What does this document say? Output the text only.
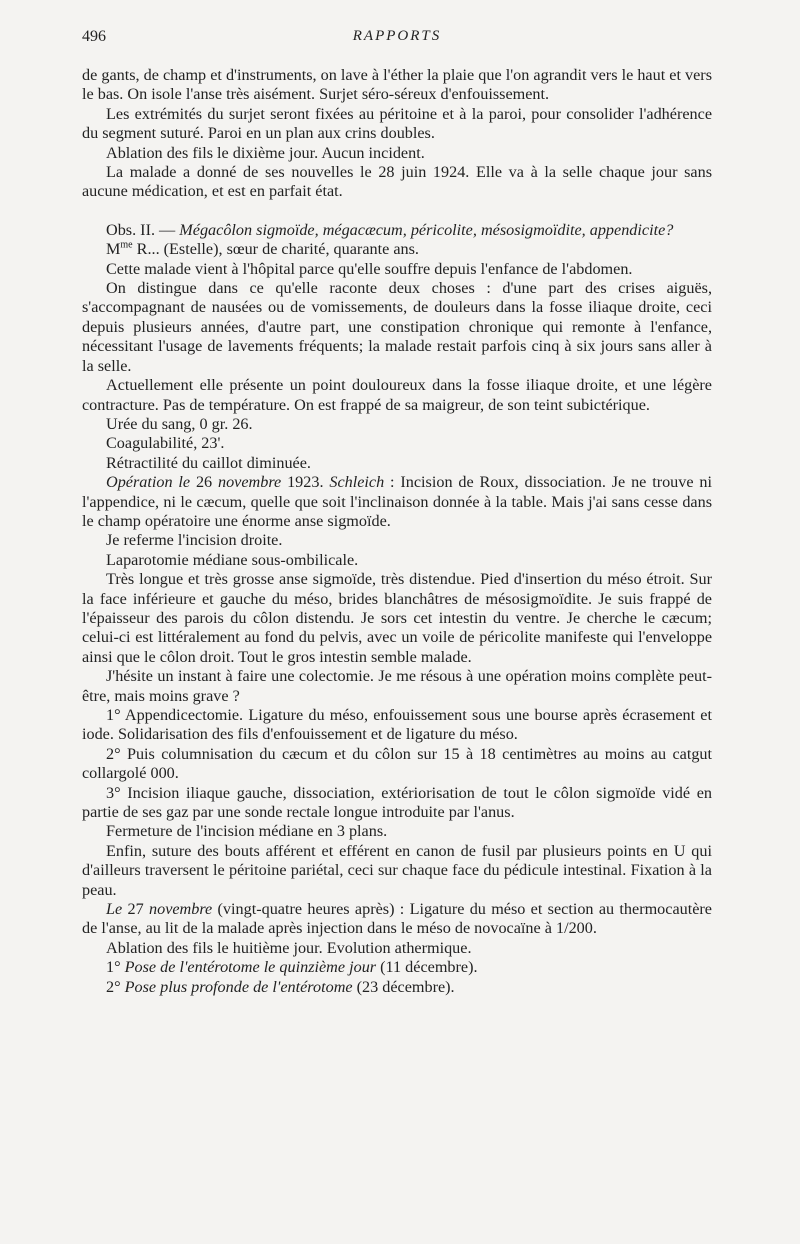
496	RAPPORTS

de gants, de champ et d'instruments, on lave à l'éther la plaie que l'on agrandit vers le haut et vers le bas. On isole l'anse très aisément. Surjet séro-séreux d'enfouissement.

Les extrémités du surjet seront fixées au péritoine et à la paroi, pour consolider l'adhérence du segment suturé. Paroi en un plan aux crins doubles.

Ablation des fils le dixième jour. Aucun incident.

La malade a donné de ses nouvelles le 28 juin 1924. Elle va à la selle chaque jour sans aucune médication, et est en parfait état.

Obs. II. — Mégacôlon sigmoïde, mégacæcum, péricolite, mésosigmoïdite, appendicite?

$M^{me}$ R... (Estelle), sœur de charité, quarante ans.

Cette malade vient à l'hôpital parce qu'elle souffre depuis l'enfance de l'abdomen.

On distingue dans ce qu'elle raconte deux choses : d'une part des crises aiguës, s'accompagnant de nausées ou de vomissements, de douleurs dans la fosse iliaque droite, ceci depuis plusieurs années, d'autre part, une constipation chronique qui remonte à l'enfance, nécessitant l'usage de lavements fréquents; la malade restait parfois cinq à six jours sans aller à la selle.

Actuellement elle présente un point douloureux dans la fosse iliaque droite, et une légère contracture. Pas de température. On est frappé de sa maigreur, de son teint subictérique.

Urée du sang, 0 gr. 26.

Coagulabilité, 23'.

Rétractilité du caillot diminuée.

Opération le 26 novembre 1923. Schleich : Incision de Roux, dissociation. Je ne trouve ni l'appendice, ni le cæcum, quelle que soit l'inclinaison donnée à la table. Mais j'ai sans cesse dans le champ opératoire une énorme anse sigmoïde.

Je referme l'incision droite.

Laparotomie médiane sous-ombilicale.

Très longue et très grosse anse sigmoïde, très distendue. Pied d'insertion du méso étroit. Sur la face inférieure et gauche du méso, brides blanchâtres de mésosigmoïdite. Je suis frappé de l'épaisseur des parois du côlon distendu. Je sors cet intestin du ventre. Je cherche le cæcum; celui-ci est littéralement au fond du pelvis, avec un voile de péricolite manifeste qui l'enveloppe ainsi que le côlon droit. Tout le gros intestin semble malade.

J'hésite un instant à faire une colectomie. Je me résous à une opération moins complète peut-être, mais moins grave ?

1° Appendicectomie. Ligature du méso, enfouissement sous une bourse après écrasement et iode. Solidarisation des fils d'enfouissement et de ligature du méso.

2° Puis columnisation du cæcum et du côlon sur 15 à 18 centimètres au moins au catgut collargolé 000.

3° Incision iliaque gauche, dissociation, extériorisation de tout le côlon sigmoïde vidé en partie de ses gaz par une sonde rectale longue introduite par l'anus.

Fermeture de l'incision médiane en 3 plans.

Enfin, suture des bouts afférent et efférent en canon de fusil par plusieurs points en U qui d'ailleurs traversent le péritoine pariétal, ceci sur chaque face du pédicule intestinal. Fixation à la peau.

Le 27 novembre (vingt-quatre heures après) : Ligature du méso et section au thermocautère de l'anse, au lit de la malade après injection dans le méso de novocaïne à 1/200.

Ablation des fils le huitième jour. Evolution athermique.

1° Pose de l'entérotome le quinzième jour (11 décembre).

2° Pose plus profonde de l'entérotome (23 décembre).
